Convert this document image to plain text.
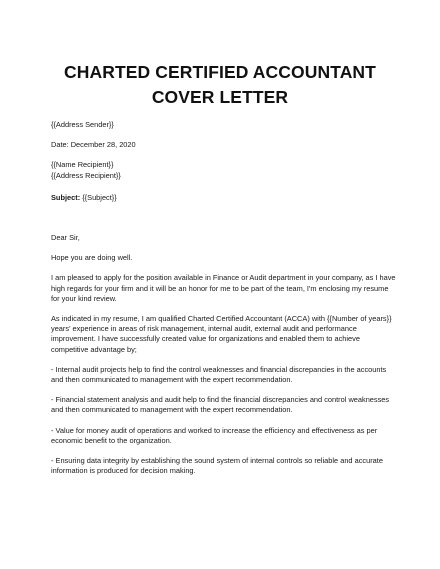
CHARTED CERTIFIED ACCOUNTANT COVER LETTER

{{Address Sender}}

Date: December 28, 2020

{{Name Recipient}}

{{Address Recipient}}

Subject: {{Subject}}

Dear Sir,

Hope you are doing well.

I am pleased to apply for the position available in Finance or Audit department in your company, as I have high regards for your firm and it will be an honor for me to be part of the team, I'm enclosing my resume for your kind review.

As indicated in my resume, I am qualified Charted Certified Accountant (ACCA) with {{Number of years}} years' experience in areas of risk management, internal audit, external audit and performance improvement. I have successfully created value for organizations and enabled them to achieve competitive advantage by;

- Internal audit projects help to find the control weaknesses and financial discrepancies in the accounts and then communicated to management with the expert recommendation.

- Financial statement analysis and audit help to find the financial discrepancies and control weaknesses and then communicated to management with the expert recommendation.

- Value for money audit of operations and worked to increase the efficiency and effectiveness as per economic benefit to the organization.

- Ensuring data integrity by establishing the sound system of internal controls so reliable and accurate information is produced for decision making.
